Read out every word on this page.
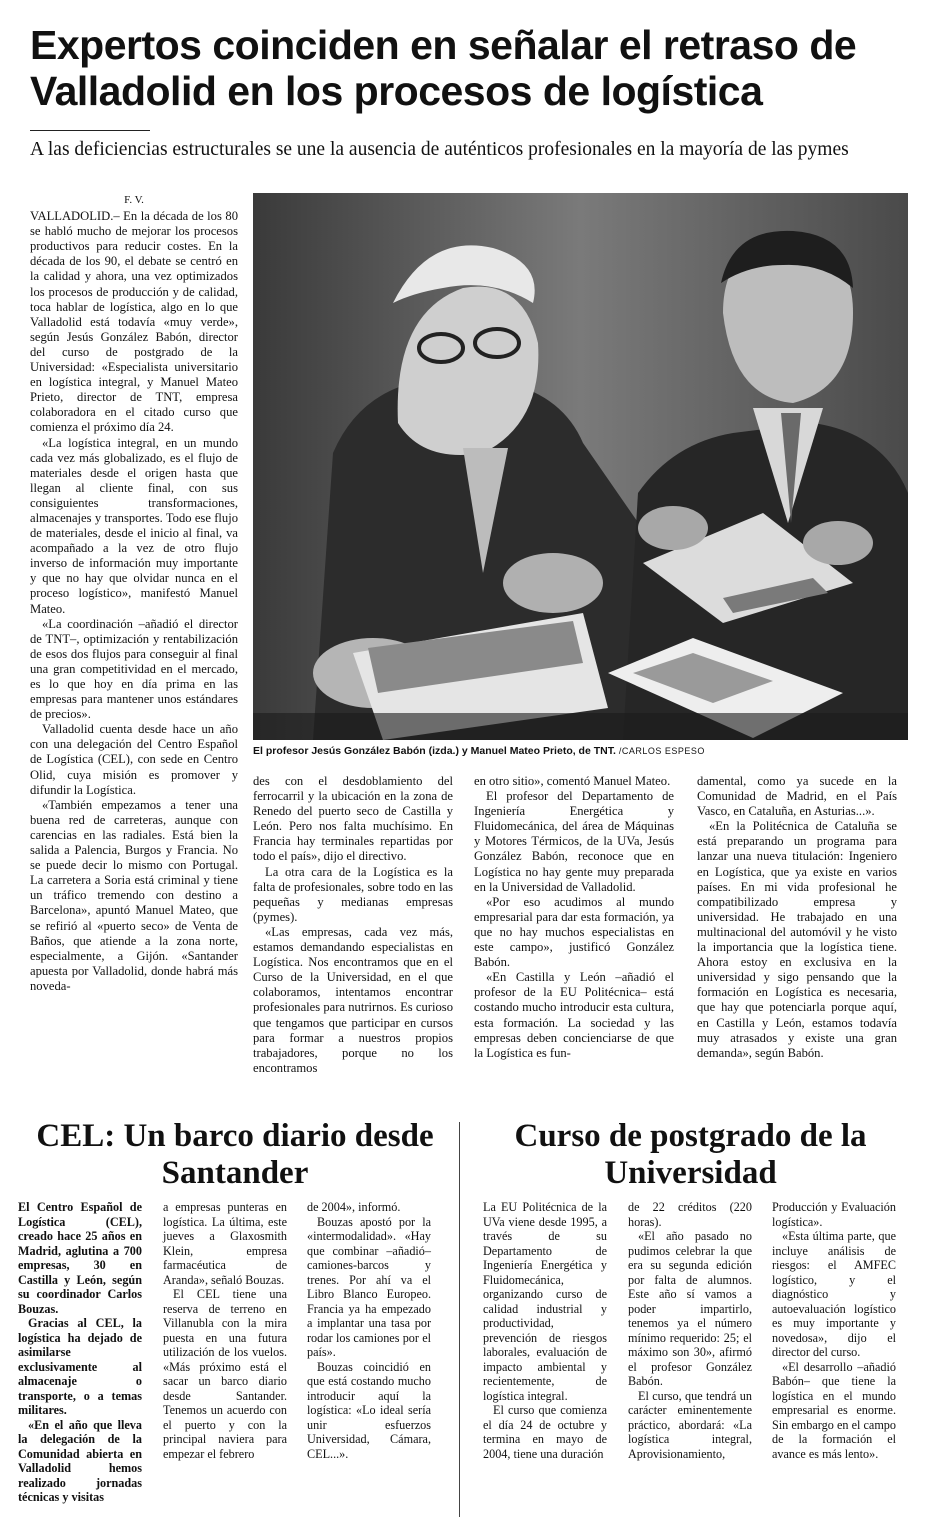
Expertos coinciden en señalar el retraso de Valladolid en los procesos de logística

A las deficiencias estructurales se une la ausencia de auténticos profesionales en la mayoría de las pymes

F. V.

VALLADOLID.– En la década de los 80 se habló mucho de mejorar los procesos productivos para reducir costes. En la década de los 90, el debate se centró en la calidad y ahora, una vez optimizados los procesos de producción y de calidad, toca hablar de logística, algo en lo que Valladolid está todavía «muy verde», según Jesús González Babón, director del curso de postgrado de la Universidad: «Especialista universitario en logística integral, y Manuel Mateo Prieto, director de TNT, empresa colaboradora en el citado curso que comienza el próximo día 24.

«La logística integral, en un mundo cada vez más globalizado, es el flujo de materiales desde el origen hasta que llegan al cliente final, con sus consiguientes transformaciones, almacenajes y transportes. Todo ese flujo de materiales, desde el inicio al final, va acompañado a la vez de otro flujo inverso de información muy importante y que no hay que olvidar nunca en el proceso logístico», manifestó Manuel Mateo.

«La coordinación –añadió el director de TNT–, optimización y rentabilización de esos dos flujos para conseguir al final una gran competitividad en el mercado, es lo que hoy en día prima en las empresas para mantener unos estándares de precios».

Valladolid cuenta desde hace un año con una delegación del Centro Español de Logística (CEL), con sede en Centro Olid, cuya misión es promover y difundir la Logística.

«También empezamos a tener una buena red de carreteras, aunque con carencias en las radiales. Está bien la salida a Palencia, Burgos y Francia. No se puede decir lo mismo con Portugal. La carretera a Soria está criminal y tiene un tráfico tremendo con destino a Barcelona», apuntó Manuel Mateo, que se refirió al «puerto seco» de Venta de Baños, que atiende a la zona norte, especialmente, a Gijón. «Santander apuesta por Valladolid, donde habrá más noveda-

El profesor Jesús González Babón (izda.) y Manuel Mateo Prieto, de TNT. /CARLOS ESPESO

des con el desdoblamiento del ferrocarril y la ubicación en la zona de Renedo del puerto seco de Castilla y León. Pero nos falta muchísimo. En Francia hay terminales repartidas por todo el país», dijo el directivo.

La otra cara de la Logística es la falta de profesionales, sobre todo en las pequeñas y medianas empresas (pymes).

«Las empresas, cada vez más, estamos demandando especialistas en Logística. Nos encontramos que en el Curso de la Universidad, en el que colaboramos, intentamos encontrar profesionales para nutrirnos. Es curioso que tengamos que participar en cursos para formar a nuestros propios trabajadores, porque no los encontramos

en otro sitio», comentó Manuel Mateo.

El profesor del Departamento de Ingeniería Energética y Fluidomecánica, del área de Máquinas y Motores Térmicos, de la UVa, Jesús González Babón, reconoce que en Logística no hay gente muy preparada en la Universidad de Valladolid.

«Por eso acudimos al mundo empresarial para dar esta formación, ya que no hay muchos especialistas en este campo», justificó González Babón.

«En Castilla y León –añadió el profesor de la EU Politécnica– está costando mucho introducir esta cultura, esta formación. La sociedad y las empresas deben concienciarse de que la Logística es fun-

damental, como ya sucede en la Comunidad de Madrid, en el País Vasco, en Cataluña, en Asturias...».

«En la Politécnica de Cataluña se está preparando un programa para lanzar una nueva titulación: Ingeniero en Logística, que ya existe en varios países. En mi vida profesional he compatibilizado empresa y universidad. He trabajado en una multinacional del automóvil y he visto la importancia que la logística tiene. Ahora estoy en exclusiva en la universidad y sigo pensando que la formación en Logística es necesaria, que hay que potenciarla porque aquí, en Castilla y León, estamos todavía muy atrasados y existe una gran demanda», según Babón.

CEL: Un barco diario desde Santander
Curso de postgrado de la Universidad

El Centro Español de Logística (CEL), creado hace 25 años en Madrid, aglutina a 700 empresas, 30 en Castilla y León, según su coordinador Carlos Bouzas.

Gracias al CEL, la logística ha dejado de asimilarse exclusivamente al almacenaje o transporte, o a temas militares.

«En el año que lleva la delegación de la Comunidad abierta en Valladolid hemos realizado jornadas técnicas y visitas

a empresas punteras en logística. La última, este jueves a Glaxosmith Klein, empresa farmacéutica de Aranda», señaló Bouzas.

El CEL tiene una reserva de terreno en Villanubla con la mira puesta en una futura utilización de los vuelos. «Más próximo está el sacar un barco diario desde Santander. Tenemos un acuerdo con el puerto y con la principal naviera para empezar el febrero

de 2004», informó.

Bouzas apostó por la «intermodalidad». «Hay que combinar –añadió– camiones-barcos y trenes. Por ahí va el Libro Blanco Europeo. Francia ya ha empezado a implantar una tasa por rodar los camiones por el país».

Bouzas coincidió en que está costando mucho introducir aquí la logística: «Lo ideal sería unir esfuerzos Universidad, Cámara, CEL...».

La EU Politécnica de la UVa viene desde 1995, a través de su Departamento de Ingeniería Energética y Fluidomecánica, organizando curso de calidad industrial y productividad, prevención de riesgos laborales, evaluación de impacto ambiental y recientemente, de logística integral.

El curso que comienza el día 24 de octubre y termina en mayo de 2004, tiene una duración

de 22 créditos (220 horas).

«El año pasado no pudimos celebrar la que era su segunda edición por falta de alumnos. Este año sí vamos a poder impartirlo, tenemos ya el número mínimo requerido: 25; el máximo son 30», afirmó el profesor González Babón.

El curso, que tendrá un carácter eminentemente práctico, abordará: «La logística integral, Aprovisionamiento,

Producción y Evaluación logística».

«Esta última parte, que incluye análisis de riesgos: el AMFEC logístico, y el diagnóstico y autoevaluación logístico es muy importante y novedosa», dijo el director del curso.

«El desarrollo –añadió Babón– que tiene la logística en el mundo empresarial es enorme. Sin embargo en el campo de la formación el avance es más lento».
